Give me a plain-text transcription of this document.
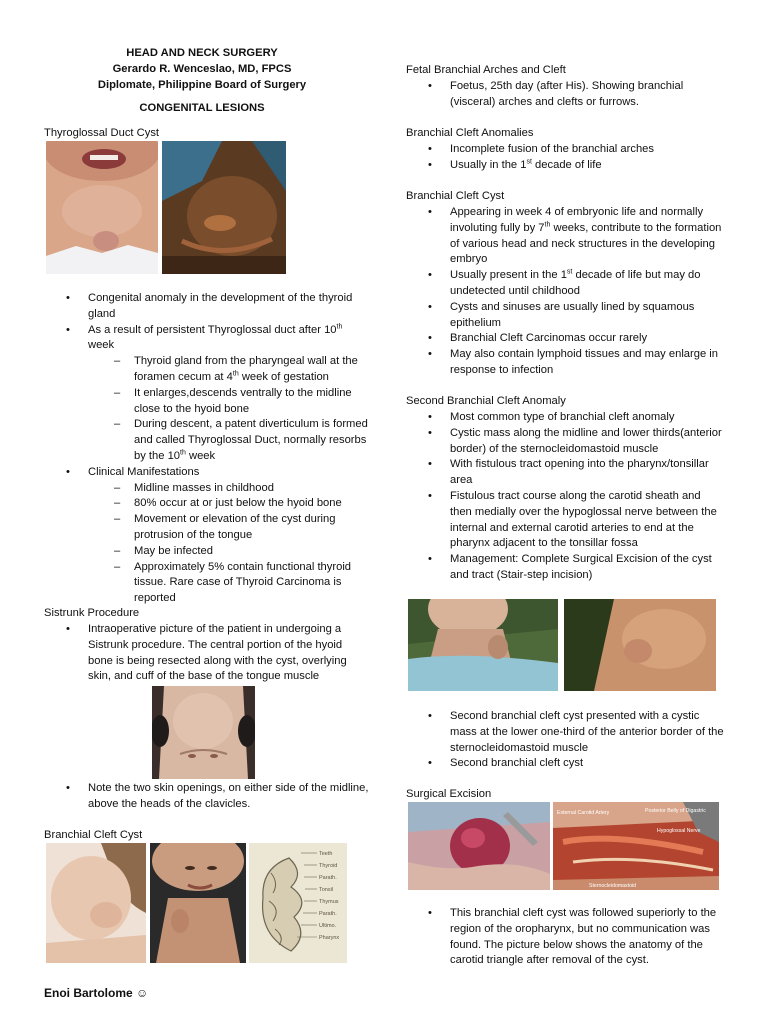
HEAD AND NECK SURGERY
Gerardo R. Wenceslao, MD, FPCS
Diplomate, Philippine Board of Surgery
CONGENITAL LESIONS
Thyroglossal Duct Cyst
• Congenital anomaly in the development of the thyroid gland
• As a result of persistent Thyroglossal duct after 10th week
– Thyroid gland from the pharyngeal wall at the foramen cecum at 4th week of gestation
– It enlarges,descends ventrally to the midline close to the hyoid bone
– During descent, a patent diverticulum is formed and called Thyroglossal Duct, normally resorbs by the 10th week
• Clinical Manifestations
– Midline masses in childhood
– 80% occur at or just below the hyoid bone
– Movement or elevation of the cyst during protrusion of the tongue
– May be infected
– Approximately 5% contain functional thyroid tissue. Rare case of Thyroid Carcinoma is reported
Sistrunk Procedure
• Intraoperative picture of the patient in undergoing a Sistrunk procedure. The central portion of the hyoid bone is being resected along with the cyst, overlying skin, and cuff of the base of the tongue muscle
• Note the two skin openings, on either side of the midline, above the heads of the clavicles.
Branchial Cleft Cyst
Teeth
Thyroid
Parath.
Tonsil
Thymus
Parath.
Ultimo.
Pharynx
Enoi Bartolome ☺
Fetal Branchial Arches and Cleft
• Foetus, 25th day (after His). Showing branchial (visceral) arches and clefts or furrows.
Branchial Cleft Anomalies
• Incomplete fusion of the branchial arches
• Usually in the 1st decade of life
Branchial Cleft Cyst
• Appearing in week 4 of embryonic life and normally involuting fully by 7th weeks, contribute to the formation of various head and neck structures in the developing embryo
• Usually present in the 1st decade of life but may do undetected until childhood
• Cysts and sinuses are usually lined by squamous epithelium
• Branchial Cleft Carcinomas occur rarely
• May also contain lymphoid tissues and may enlarge in response to infection
Second Branchial Cleft Anomaly
• Most common type of branchial cleft anomaly
• Cystic mass along the midline and lower thirds(anterior border) of the sternocleidomastoid muscle
• With fistulous tract opening into the pharynx/tonsillar area
• Fistulous tract course along the carotid sheath and then medially over the hypoglossal nerve between the internal and external carotid arteries to end at the pharynx adjacent to the tonsillar fossa
• Management: Complete Surgical Excision of the cyst and tract (Stair-step incision)
• Second branchial cleft cyst presented with a cystic mass at the lower one-third of the anterior border of the sternocleidomastoid muscle
• Second branchial cleft cyst
Surgical Excision
External Carotid Artery	Posterior Belly of Digastric
Hypoglossal Nerve
Sternocleidomastoid
• This branchial cleft cyst was followed superiorly to the region of the oropharynx, but no communication was found. The picture below shows the anatomy of the carotid triangle after removal of the cyst.
